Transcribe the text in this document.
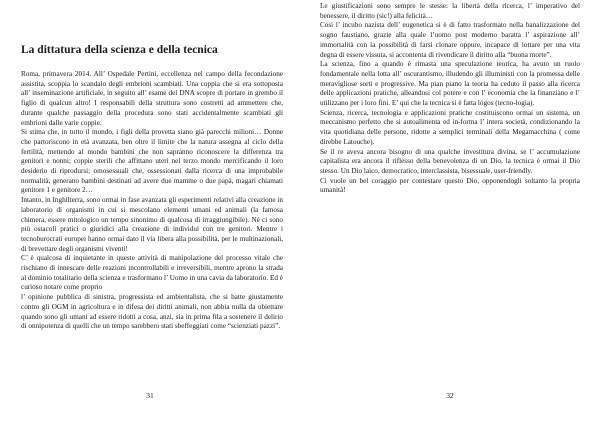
La dittatura della scienza e della tecnica

Roma, primavera 2014. All’ Ospedale Pertini, eccellenza nel campo della fecondazione assistita, scoppia lo scandalo degli embrioni scambiati. Una coppia che si era sottoposta all’ inseminazione artificiale, in seguito all’ esame del DNA scopre di portare in grembo il figlio di qualcun altro! I responsabili della struttura sono costretti ad ammettere che, durante qualche passaggio della procedura sono stati accidentalmente scambiati gli embrioni dalle varie coppie.

Si stima che, in tutto il mondo, i figli della provetta siano già parecchi milioni… Donne che partoriscono in età avanzata, ben oltre il limite che la natura assegna al ciclo della fertilità, mettendo al mondo bambini che non sapranno riconoscere la differenza tra genitori e nonni; coppie sterili che affittano uteri nel terzo mondo mercificando il loro desiderio di riprodursi; omosessuali che, ossessionati dalla ricerca di una improbabile normalità, generano bambini destinati ad avere due mamme o due papà, magari chiamati genitore 1 e genitore 2…

Intanto, in Inghilterra, sono ormai in fase avanzata gli esperimenti relativi alla creazione in laboratorio di organismi in cui si mescolano elementi umani ed animali (la famosa chimera, essere mitologico un tempo sinonimo di qualcosa di irraggiungibile). Né ci sono più ostacoli pratici o giuridici alla creazione di individui con tre genitori. Mentre i tecnoburocrati europei hanno ormai dato il via libera alla possibilità, per le multinazionali, di brevettare degli organismi viventi!

C’ è qualcosa di inquietante in queste attività di manipolazione del processo vitale che rischiano di innescare delle reazioni incontrollabili e irreversibili, mentre aprono la strada al dominio totalitario della scienza e trasformano l’ Uomo in una cavia da laboratorio. Ed è curioso notare come proprio

l’ opinione pubblica di sinistra, progressista ed ambientalista, che si batte giustamente contro gli OGM in agricoltura e in difesa dei diritti animali, non abbia nulla da obiettare quando sono gli umani ad essere ridotti a cosa, anzi, sia in prima fila a sostenere il delirio di onnipotenza di quelli che un tempo sarebbero stati sbeffeggiati come “scienziati pazzi”.

31

Le giustificazioni sono sempre le stesse: la libertà della ricerca, l’ imperativo del benessere, il diritto (sic!) alla felicità…

Così l’ incubo nazista dell’ eugenetica si è di fatto trasformato nella banalizzazione del sogno faustiano, grazie alla quale l’uomo post moderno baratta l’ aspirazione all’ immortalità con la possibilità di farsi clonare oppure, incapace di lottare per una vita degna di essere vissuta, si accontenta di rivendicare il diritto alla “buona morte”.

La scienza, fino a quando è rimasta una speculazione teorica, ha avuto un ruolo fondamentale nella lotta all’ oscurantismo, illudendo gli illuministi con la promessa delle meravigliose sorti e progressive. Ma pian piano la teoria ha ceduto il passo alla ricerca delle applicazioni pratiche, alleandosi col potere e con l’ economia che la finanziano e l’ utilizzano per i loro fini. E’ qui che la tecnica si è fatta lógos (tecno-logia).

Scienza, ricerca, tecnologia e applicazioni pratiche costituiscono ormai un sistema, un meccanismo perfetto che si autoalimenta ed in-forma l’ intera società, condizionando la vita quotidiana delle persone, ridotte a semplici terminali della Megamacchina ( come direbbe Latouche).

Se il re aveva ancora bisogno di una qualche investitura divina, se l’ accumulazione capitalista era ancora il riflesso della benevolenza di un Dio, la tecnica è ormai il Dio stesso. Un Dio laico, democratico, interclassista, bisessuale, user-friendly.

Ci vuole un bel coraggio per contestare questo Dio, opponendogli soltanto la propria umanità!

32
